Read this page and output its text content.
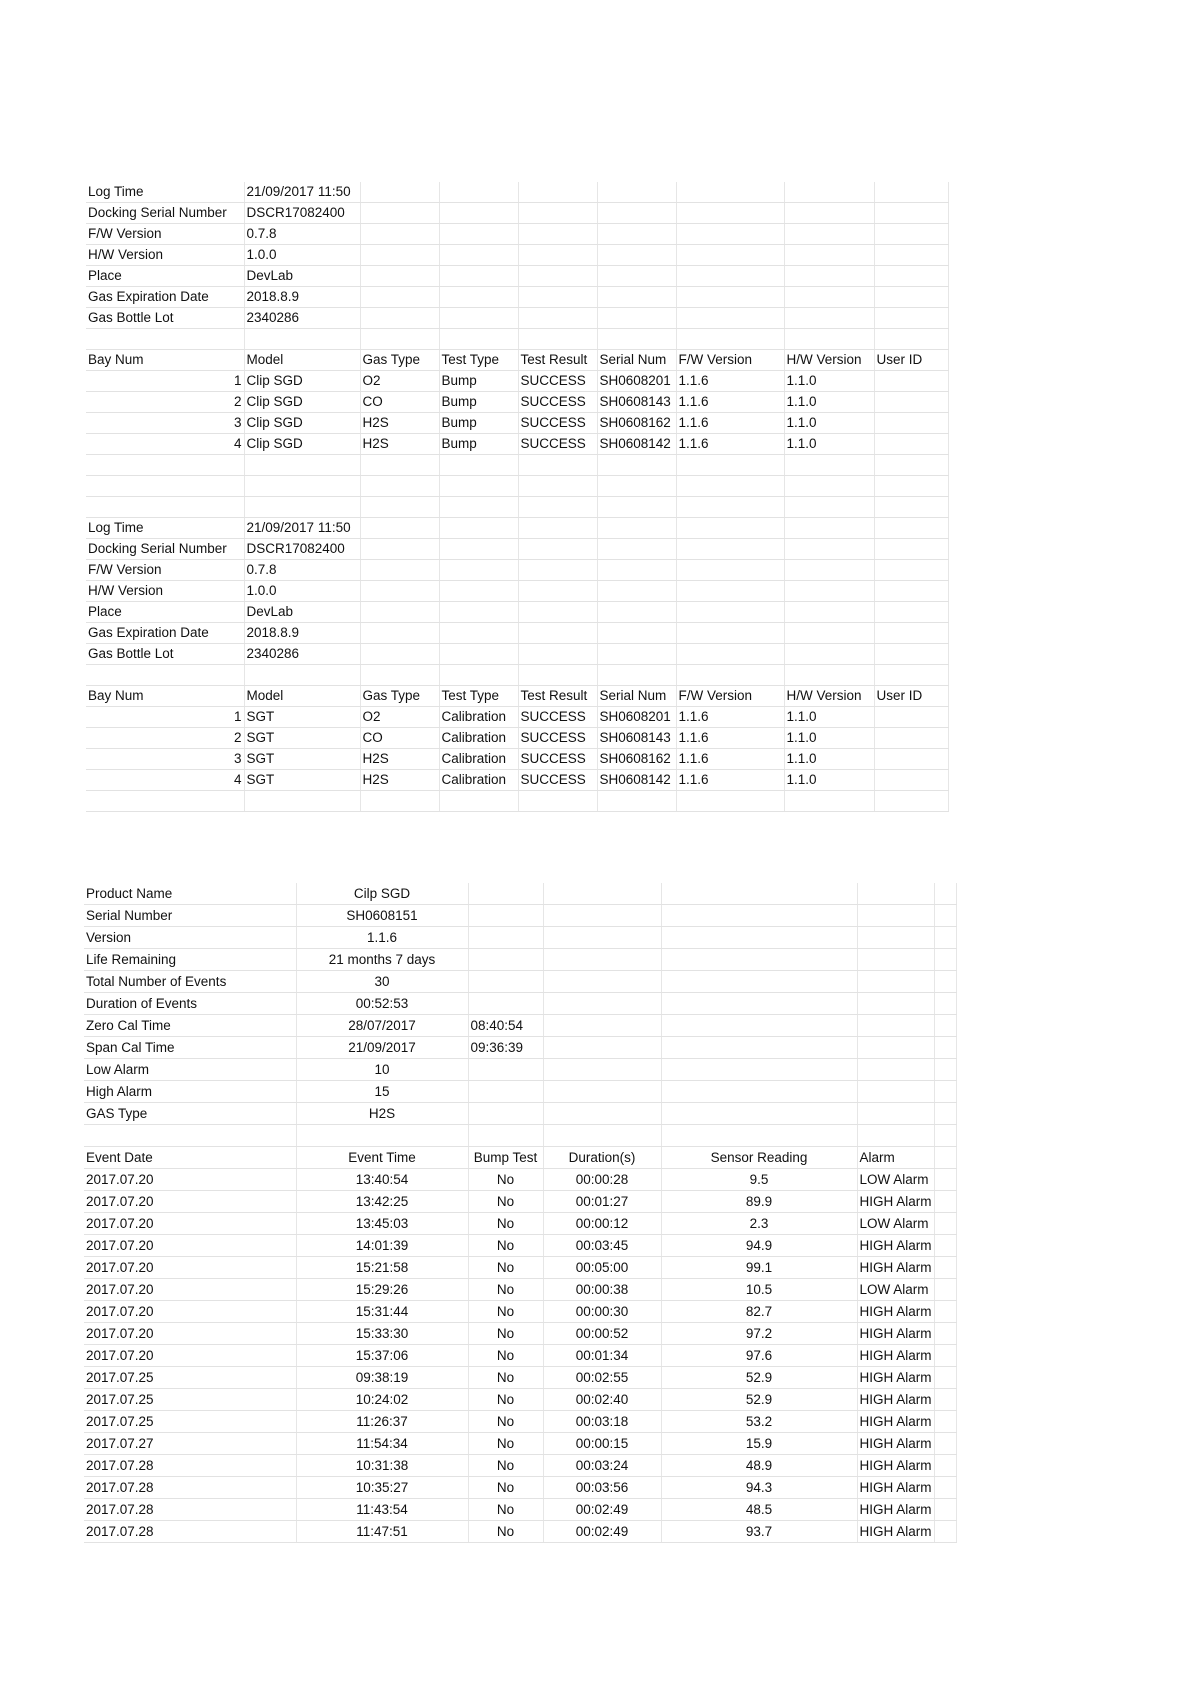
Log Time	21/09/2017 11:50							
Docking Serial Number	DSCR17082400							
F/W Version	0.7.8							
H/W Version	1.0.0							
Place	DevLab							
Gas Expiration Date	2018.8.9							
Gas Bottle Lot	2340286							

Bay Num	Model	Gas Type	Test Type	Test Result	Serial Num	F/W Version	H/W Version	User ID
1	Clip SGD	O2	Bump	SUCCESS	SH0608201	1.1.6	1.1.0	
2	Clip SGD	CO	Bump	SUCCESS	SH0608143	1.1.6	1.1.0	
3	Clip SGD	H2S	Bump	SUCCESS	SH0608162	1.1.6	1.1.0	
4	Clip SGD	H2S	Bump	SUCCESS	SH0608142	1.1.6	1.1.0	

Log Time	21/09/2017 11:50							
Docking Serial Number	DSCR17082400							
F/W Version	0.7.8							
H/W Version	1.0.0							
Place	DevLab							
Gas Expiration Date	2018.8.9							
Gas Bottle Lot	2340286							

Bay Num	Model	Gas Type	Test Type	Test Result	Serial Num	F/W Version	H/W Version	User ID
1	SGT	O2	Calibration	SUCCESS	SH0608201	1.1.6	1.1.0	
2	SGT	CO	Calibration	SUCCESS	SH0608143	1.1.6	1.1.0	
3	SGT	H2S	Calibration	SUCCESS	SH0608162	1.1.6	1.1.0	
4	SGT	H2S	Calibration	SUCCESS	SH0608142	1.1.6	1.1.0	

Product Name	Cilp SGD					
Serial Number	SH0608151					
Version	1.1.6					
Life Remaining	21 months 7 days					
Total Number of Events	30					
Duration of Events	00:52:53					
Zero Cal Time	28/07/2017	08:40:54				
Span Cal Time	21/09/2017	09:36:39				
Low Alarm	10					
High Alarm	15					
GAS Type	H2S					

Event Date	Event Time	Bump Test	Duration(s)	Sensor Reading	Alarm	
2017.07.20	13:40:54	No	00:00:28	9.5	LOW Alarm	
2017.07.20	13:42:25	No	00:01:27	89.9	HIGH Alarm	
2017.07.20	13:45:03	No	00:00:12	2.3	LOW Alarm	
2017.07.20	14:01:39	No	00:03:45	94.9	HIGH Alarm	
2017.07.20	15:21:58	No	00:05:00	99.1	HIGH Alarm	
2017.07.20	15:29:26	No	00:00:38	10.5	LOW Alarm	
2017.07.20	15:31:44	No	00:00:30	82.7	HIGH Alarm	
2017.07.20	15:33:30	No	00:00:52	97.2	HIGH Alarm	
2017.07.20	15:37:06	No	00:01:34	97.6	HIGH Alarm	
2017.07.25	09:38:19	No	00:02:55	52.9	HIGH Alarm	
2017.07.25	10:24:02	No	00:02:40	52.9	HIGH Alarm	
2017.07.25	11:26:37	No	00:03:18	53.2	HIGH Alarm	
2017.07.27	11:54:34	No	00:00:15	15.9	HIGH Alarm	
2017.07.28	10:31:38	No	00:03:24	48.9	HIGH Alarm	
2017.07.28	10:35:27	No	00:03:56	94.3	HIGH Alarm	
2017.07.28	11:43:54	No	00:02:49	48.5	HIGH Alarm	
2017.07.28	11:47:51	No	00:02:49	93.7	HIGH Alarm	
